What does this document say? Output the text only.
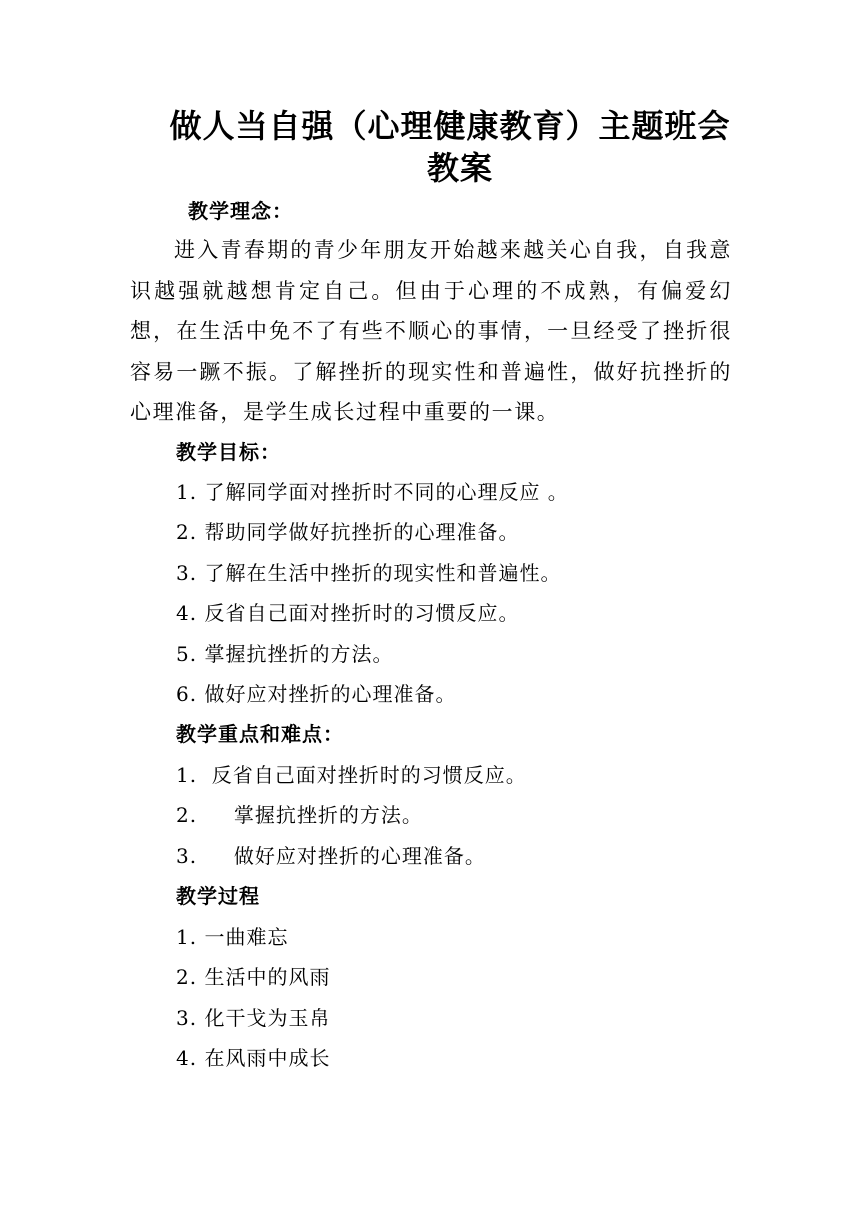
做人当自强（心理健康教育）主题班会
教案
教学理念：
进入青春期的青少年朋友开始越来越关心自我，自我意识越强就越想肯定自己。但由于心理的不成熟，有偏爱幻想，在生活中免不了有些不顺心的事情，一旦经受了挫折很容易一蹶不振。了解挫折的现实性和普遍性，做好抗挫折的心理准备，是学生成长过程中重要的一课。
教学目标：
1. 了解同学面对挫折时不同的心理反应 。
2. 帮助同学做好抗挫折的心理准备。
3. 了解在生活中挫折的现实性和普遍性。
4. 反省自己面对挫折时的习惯反应。
5. 掌握抗挫折的方法。
6. 做好应对挫折的心理准备。
教学重点和难点：
1.  反省自己面对挫折时的习惯反应。
2.     掌握抗挫折的方法。
3.     做好应对挫折的心理准备。
教学过程
1. 一曲难忘
2. 生活中的风雨
3. 化干戈为玉帛
4. 在风雨中成长
